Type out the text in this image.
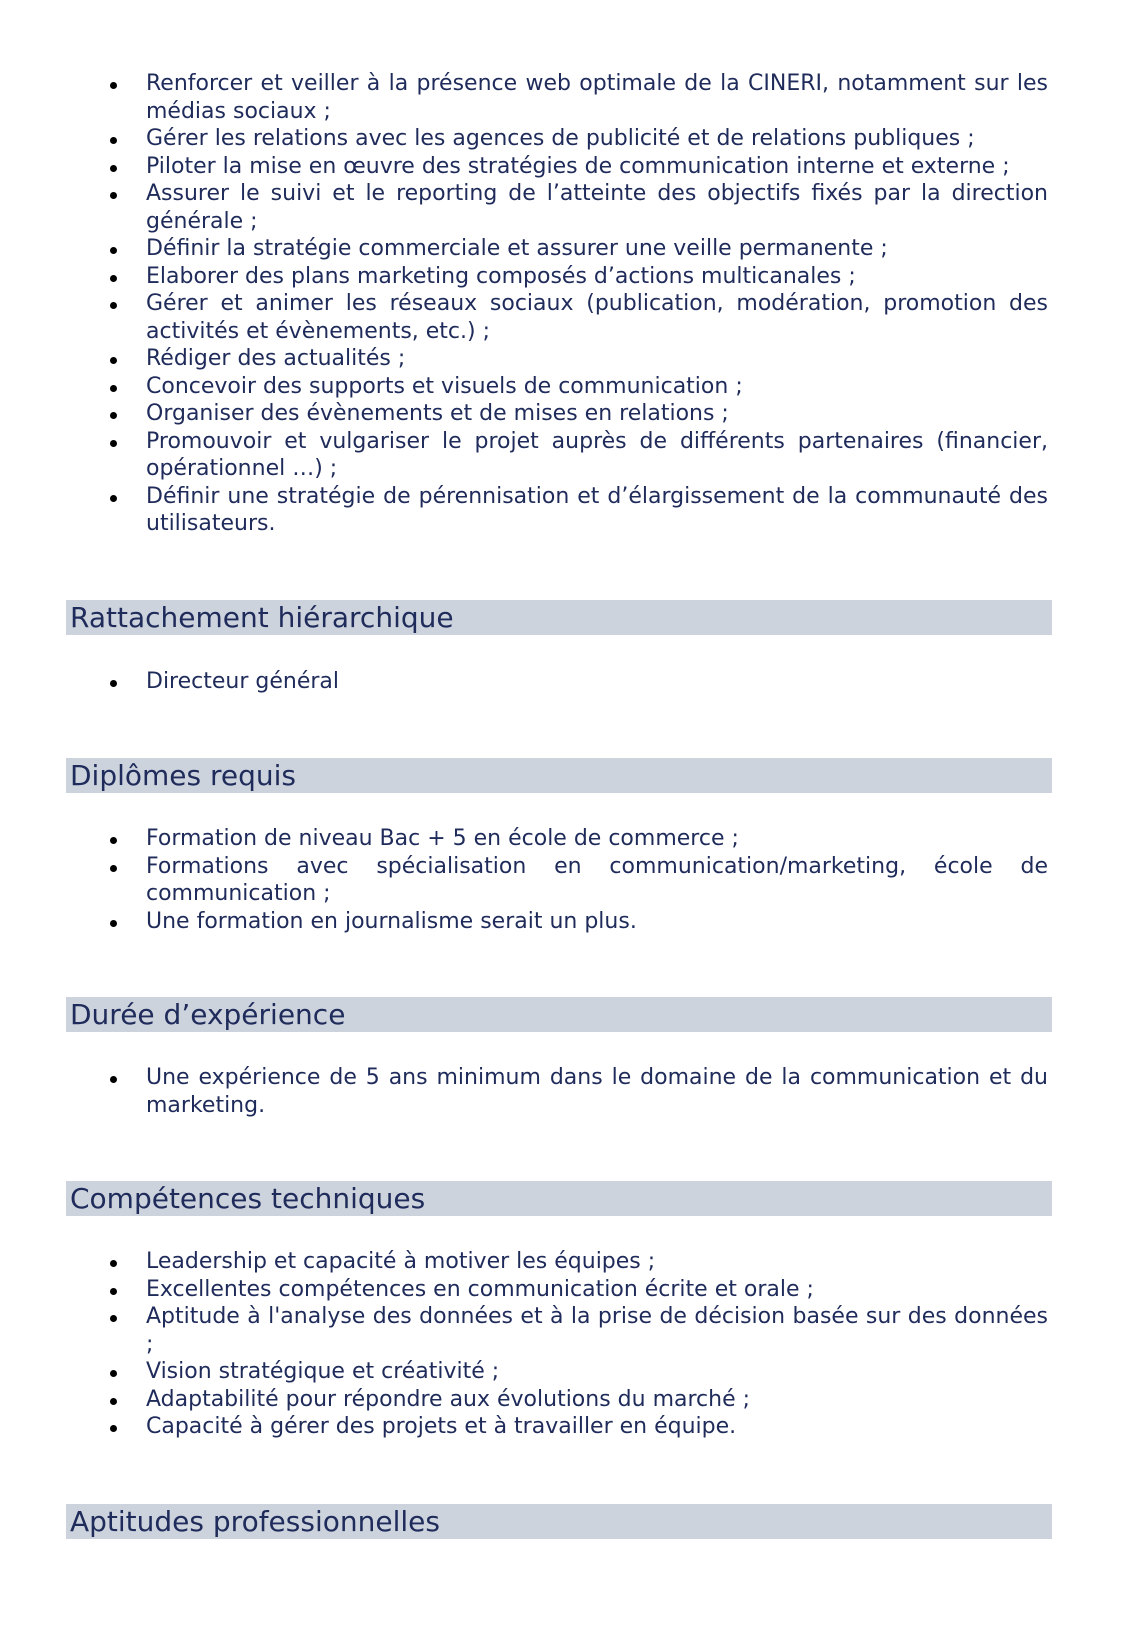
Renforcer et veiller à la présence web optimale de la CINERI, notamment sur les médias sociaux ;
Gérer les relations avec les agences de publicité et de relations publiques ;
Piloter la mise en œuvre des stratégies de communication interne et externe ;
Assurer le suivi et le reporting de l’atteinte des objectifs fixés par la direction générale ;
Définir la stratégie commerciale et assurer une veille permanente ;
Elaborer des plans marketing composés d’actions multicanales ;
Gérer et animer les réseaux sociaux (publication, modération, promotion des activités et évènements, etc.) ;
Rédiger des actualités ;
Concevoir des supports et visuels de communication ;
Organiser des évènements et de mises en relations ;
Promouvoir et vulgariser le projet auprès de différents partenaires (financier, opérationnel …) ;
Définir une stratégie de pérennisation et d’élargissement de la communauté des utilisateurs.
Rattachement hiérarchique
Directeur général
Diplômes requis
Formation de niveau Bac + 5 en école de commerce ;
Formations avec spécialisation en communication/marketing, école de communication ;
Une formation en journalisme serait un plus.
Durée d’expérience
Une expérience de 5 ans minimum dans le domaine de la communication et du marketing.
Compétences techniques
Leadership et capacité à motiver les équipes ;
Excellentes compétences en communication écrite et orale ;
Aptitude à l'analyse des données et à la prise de décision basée sur des données ;
Vision stratégique et créativité ;
Adaptabilité pour répondre aux évolutions du marché ;
Capacité à gérer des projets et à travailler en équipe.
Aptitudes professionnelles
